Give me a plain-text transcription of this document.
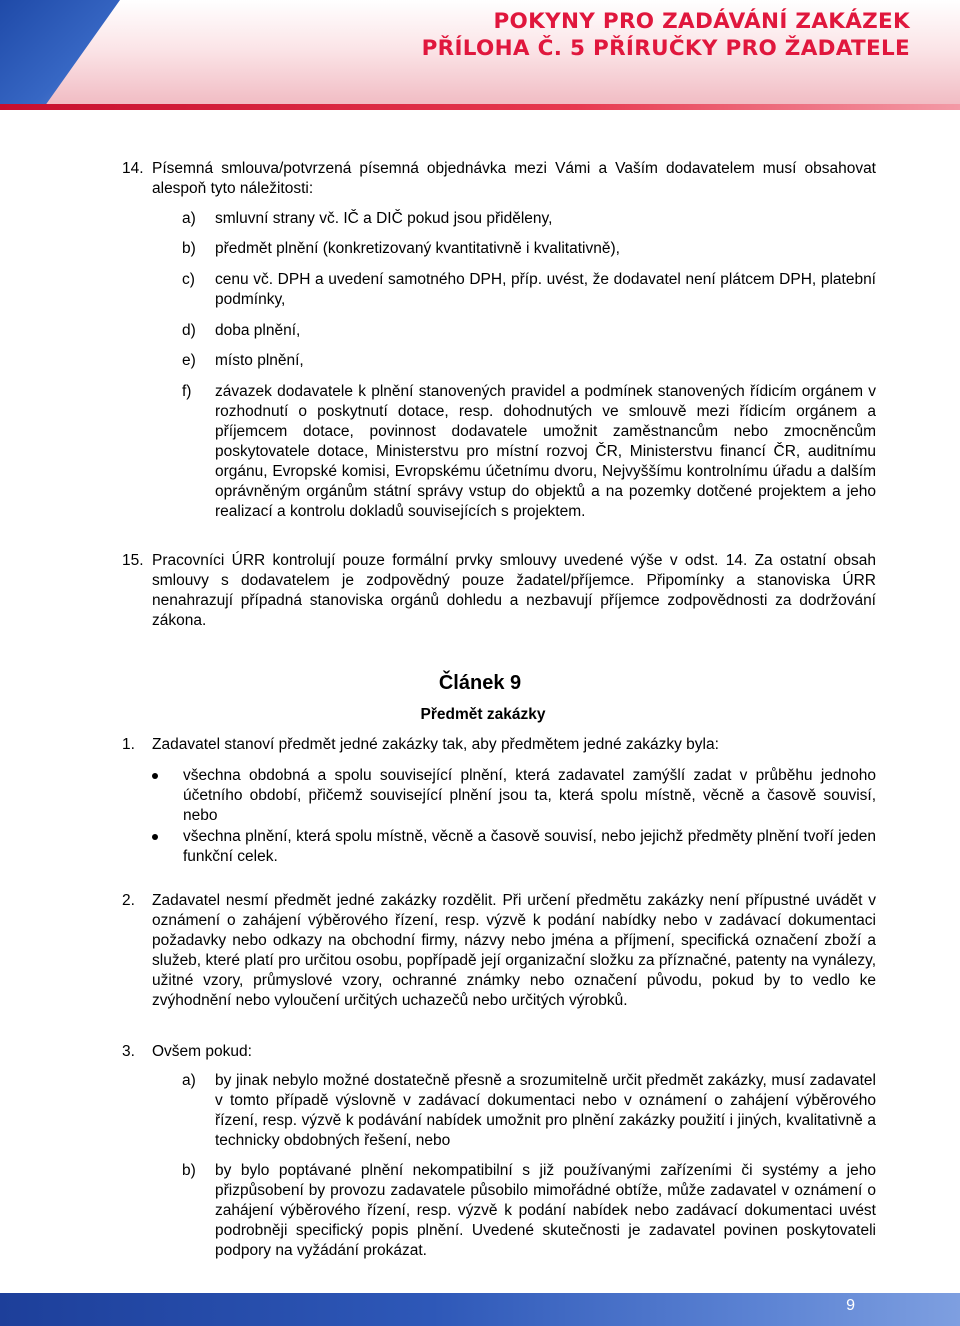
POKYNY PRO ZADÁVÁNÍ ZAKÁZEK
PŘÍLOHA Č. 5 PŘÍRUČKY PRO ŽADATELE
14. Písemná smlouva/potvrzená písemná objednávka mezi Vámi a Vaším dodavatelem musí obsahovat alespoň tyto náležitosti:
a) smluvní strany vč. IČ a DIČ pokud jsou přiděleny,
b) předmět plnění (konkretizovaný kvantitativně i kvalitativně),
c) cenu vč. DPH a uvedení samotného DPH, příp. uvést, že dodavatel není plátcem DPH, platební podmínky,
d) doba plnění,
e) místo plnění,
f) závazek dodavatele k plnění stanovených pravidel a podmínek stanovených řídicím orgánem v rozhodnutí o poskytnutí dotace, resp. dohodnutých ve smlouvě mezi řídicím orgánem a příjemcem dotace, povinnost dodavatele umožnit zaměstnancům nebo zmocněncům poskytovatele dotace, Ministerstvu pro místní rozvoj ČR, Ministerstvu financí ČR, auditnímu orgánu, Evropské komisi, Evropskému účetnímu dvoru, Nejvyššímu kontrolnímu úřadu a dalším oprávněným orgánům státní správy vstup do objektů a na pozemky dotčené projektem a jeho realizací a kontrolu dokladů souvisejících s projektem.
15. Pracovníci ÚRR kontrolují pouze formální prvky smlouvy uvedené výše v odst. 14. Za ostatní obsah smlouvy s dodavatelem je zodpovědný pouze žadatel/příjemce. Připomínky a stanoviska ÚRR nenahrazují případná stanoviska orgánů dohledu a nezbavují příjemce zodpovědnosti za dodržování zákona.
Článek 9
Předmět zakázky
1. Zadavatel stanoví předmět jedné zakázky tak, aby předmětem jedné zakázky byla:
všechna obdobná a spolu související plnění, která zadavatel zamýšlí zadat v průběhu jednoho účetního období, přičemž související plnění jsou ta, která spolu místně, věcně a časově souvisí, nebo
všechna plnění, která spolu místně, věcně a časově souvisí, nebo jejichž předměty plnění tvoří jeden funkční celek.
2. Zadavatel nesmí předmět jedné zakázky rozdělit. Při určení předmětu zakázky není přípustné uvádět v oznámení o zahájení výběrového řízení, resp. výzvě k podání nabídky nebo v zadávací dokumentaci požadavky nebo odkazy na obchodní firmy, názvy nebo jména a příjmení, specifická označení zboží a služeb, které platí pro určitou osobu, popřípadě její organizační složku za příznačné, patenty na vynálezy, užitné vzory, průmyslové vzory, ochranné známky nebo označení původu, pokud by to vedlo ke zvýhodnění nebo vyloučení určitých uchazečů nebo určitých výrobků.
3. Ovšem pokud:
a) by jinak nebylo možné dostatečně přesně a srozumitelně určit předmět zakázky, musí zadavatel v tomto případě výslovně v zadávací dokumentaci nebo v oznámení o zahájení výběrového řízení, resp. výzvě k podávání nabídek umožnit pro plnění zakázky použití i jiných, kvalitativně a technicky obdobných řešení, nebo
b) by bylo poptávané plnění nekompatibilní s již používanými zařízeními či systémy a jeho přizpůsobení by provozu zadavatele působilo mimořádné obtíže, může zadavatel v oznámení o zahájení výběrového řízení, resp. výzvě k podání nabídek nebo zadávací dokumentaci uvést podrobněji specifický popis plnění. Uvedené skutečnosti je zadavatel povinen poskytovateli podpory na vyžádání prokázat.
9
